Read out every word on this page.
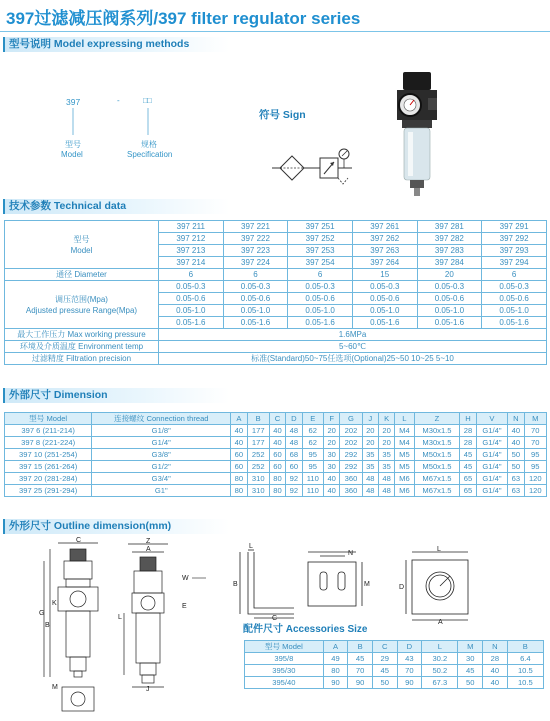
397过滤减压阀系列/397 filter regulator series
型号说明 Model expressing methods
397	-	□□
型号
Model
规格
Specification
符号 Sign
技术参数 Technical data
型号
Model	397 211	397 221	397 251	397 261	397 281	397 291
	397 212	397 222	397 252	397 262	397 282	397 292
	397 213	397 223	397 253	397 263	397 283	397 293
	397 214	397 224	397 254	397 264	397 284	397 294
通径 Diameter	6	6	6	15	20	6

调压范围(Mpa)
Adjusted pressure Range(Mpa)	0.05-0.3	0.05-0.3	0.05-0.3	0.05-0.3	0.05-0.3	0.05-0.3
	0.05-0.6	0.05-0.6	0.05-0.6	0.05-0.6	0.05-0.6	0.05-0.6
	0.05-1.0	0.05-1.0	0.05-1.0	0.05-1.0	0.05-1.0	0.05-1.0
	0.05-1.6	0.05-1.6	0.05-1.6	0.05-1.6	0.05-1.6	0.05-1.6
最大工作压力 Max working pressure	1.6MPa					
环境及介质温度 Environment temp	5~60℃					
过滤精度 Filtration precision	标准(Standard)50~75任选项(Optional)25~50 10~25 5~10					
外部尺寸 Dimension
型号 Model	连接螺纹 Connection thread	A	B	C	D	E	F	G	J	K	L	Z	H	V	N	M
397 6 (211-214)	G1/8"	40	177	40	48	62	20	202	20	20	M4	M30x1.5	28	G1/4"	40	70
397 8 (221-224)	G1/4"	40	177	40	48	62	20	202	20	20	M4	M30x1.5	28	G1/4"	40	70
397 10 (251-254)	G3/8"	60	252	60	68	95	30	292	35	35	M5	M50x1.5	45	G1/4"	50	95
397 15 (261-264)	G1/2"	60	252	60	60	95	30	292	35	35	M5	M50x1.5	45	G1/4"	50	95
397 20 (281-284)	G3/4"	80	310	80	92	110	40	360	48	48	M6	M67x1.5	65	G1/4"	63	120
397 25 (291-294)	G1"	80	310	80	92	110	40	360	48	48	M6	M67x1.5	65	G1/4"	63	120
外形尺寸 Outline dimension(mm)
C
K
B
G
M
Z
A
L
J
W
E
L
B
C
N
M
L
D
A
配件尺寸 Accessories Size
型号 Model	A	B	C	D	L	M	N	B
395/8	49	45	29	43	30.2	30	28	6.4
395/30	80	70	45	70	50.2	45	40	10.5
395/40	90	90	50	90	67.3	50	40	10.5
